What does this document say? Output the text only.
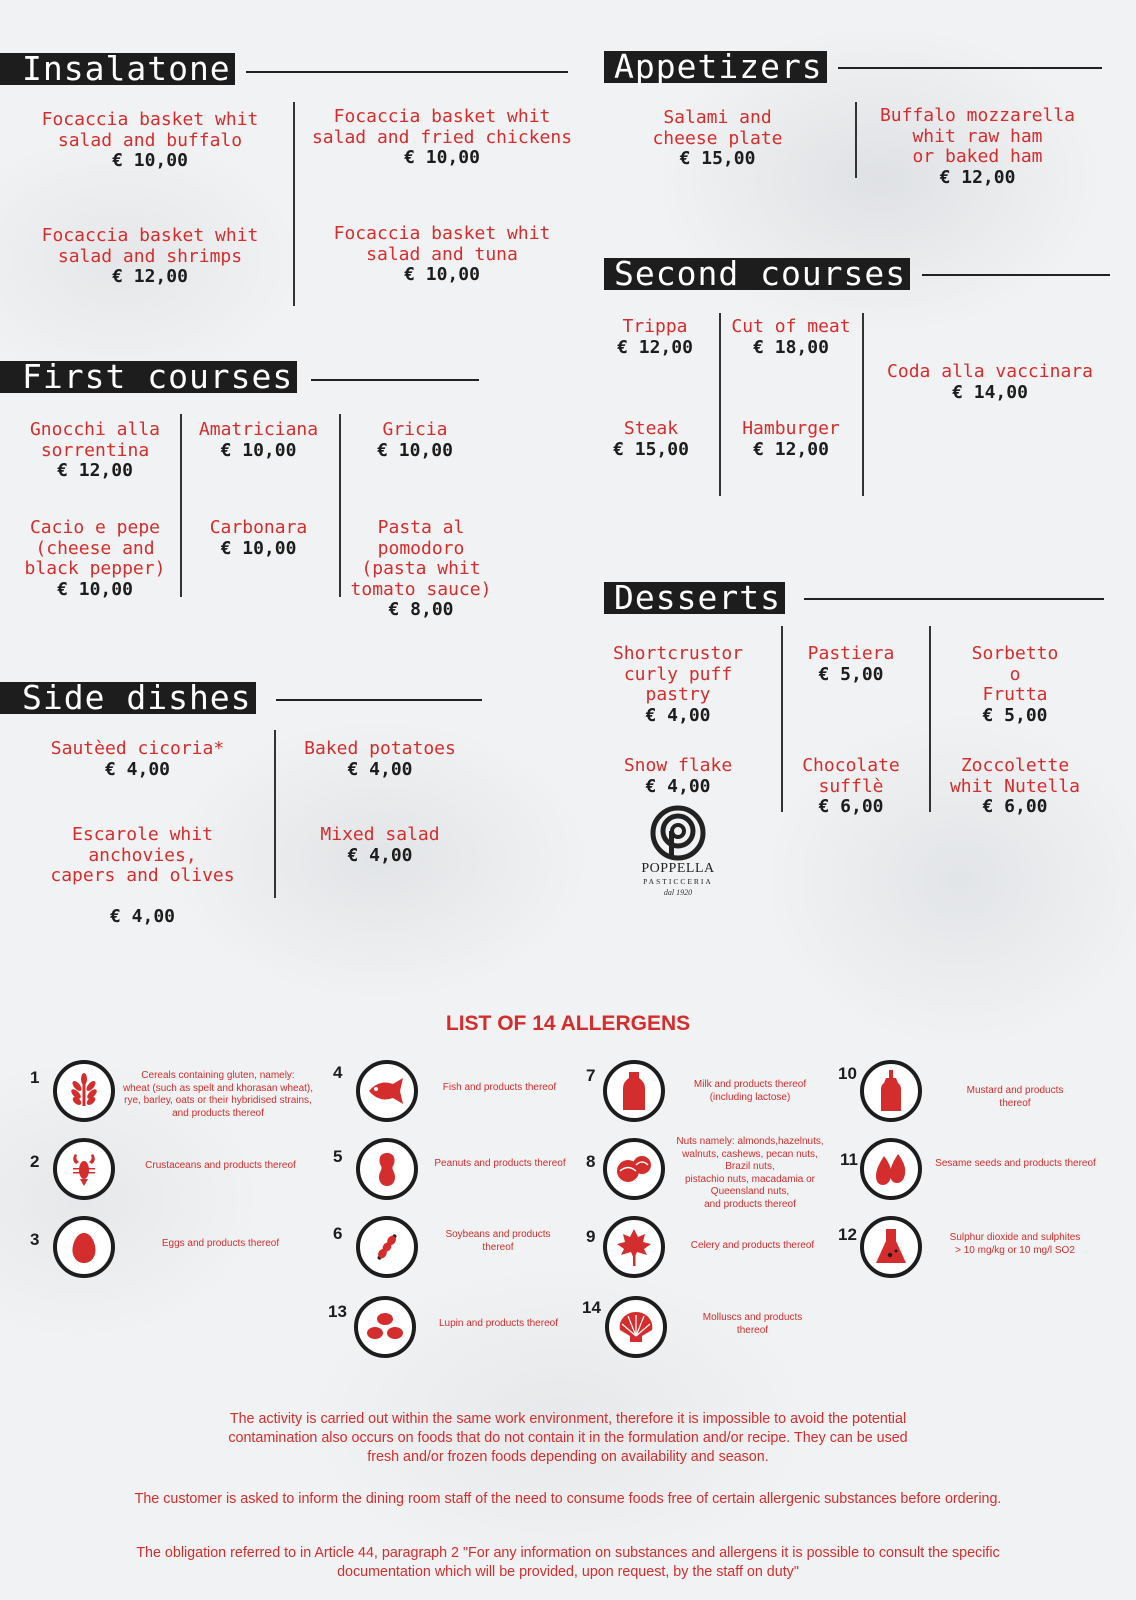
Insalatone
Focaccia basket whit
salad and buffalo
€ 10,00
Focaccia basket whit
salad and fried chickens
€ 10,00
Focaccia basket whit
salad and shrimps
€ 12,00
Focaccia basket whit
salad and tuna
€ 10,00
Appetizers
Salami and
cheese plate
€ 15,00
Buffalo mozzarella
whit raw ham
or baked ham
€ 12,00
Second courses
Trippa
€ 12,00
Cut of meat
€ 18,00
Coda alla vaccinara
€ 14,00
Steak
€ 15,00
Hamburger
€ 12,00
First courses
Gnocchi alla
sorrentina
€ 12,00
Amatriciana
€ 10,00
Gricia
€ 10,00
Cacio e pepe
(cheese and
black pepper)
€ 10,00
Carbonara
€ 10,00
Pasta al
pomodoro
(pasta whit
tomato sauce)
€ 8,00	Desserts
Shortcrustor
curly puff
pastry
€ 4,00
Pastiera
€ 5,00
Sorbetto
o
Frutta
€ 5,00
Snow flake
€ 4,00
Chocolate
sufflè
€ 6,00
Zoccolette
whit Nutella
€ 6,00
POPPELLA
PASTICCERIA
dal 1920
Side dishes
Sautèed cicoria*
€ 4,00
Baked potatoes
€ 4,00
Escarole whit
anchovies,
capers and olives
€ 4,00
Mixed salad
€ 4,00
LIST OF 14 ALLERGENS
1	Cereals containing gluten, namely:
wheat (such as spelt and khorasan wheat),
rye, barley, oats or their hybridised strains,
and products thereof
2	Crustaceans and products thereof
3	Eggs and products thereof
4
Fish and products thereof
5	Peanuts and products thereof
6	Soybeans and products
thereof
13
Lupin and products thereof
7	Milk and products thereof
(including lactose)
8
Nuts namely: almonds,hazelnuts,
walnuts, cashews, pecan nuts,
Brazil nuts,
pistachio nuts, macadamia or
Queensland nuts,
and products thereof
9	Celery and products thereof
14
Molluscs and products
thereof
10
Mustard and products
thereof
11	Sesame seeds and products thereof
12	Sulphur dioxide and sulphites
> 10 mg/kg or 10 mg/l SO2
The activity is carried out within the same work environment, therefore it is impossible to avoid the potential
contamination also occurs on foods that do not contain it in the formulation and/or recipe. They can be used
fresh and/or frozen foods depending on availability and season.
The customer is asked to inform the dining room staff of the need to consume foods free of certain allergenic substances before ordering.
The obligation referred to in Article 44, paragraph 2 "For any information on substances and allergens it is possible to consult the specific
documentation which will be provided, upon request, by the staff on duty"
